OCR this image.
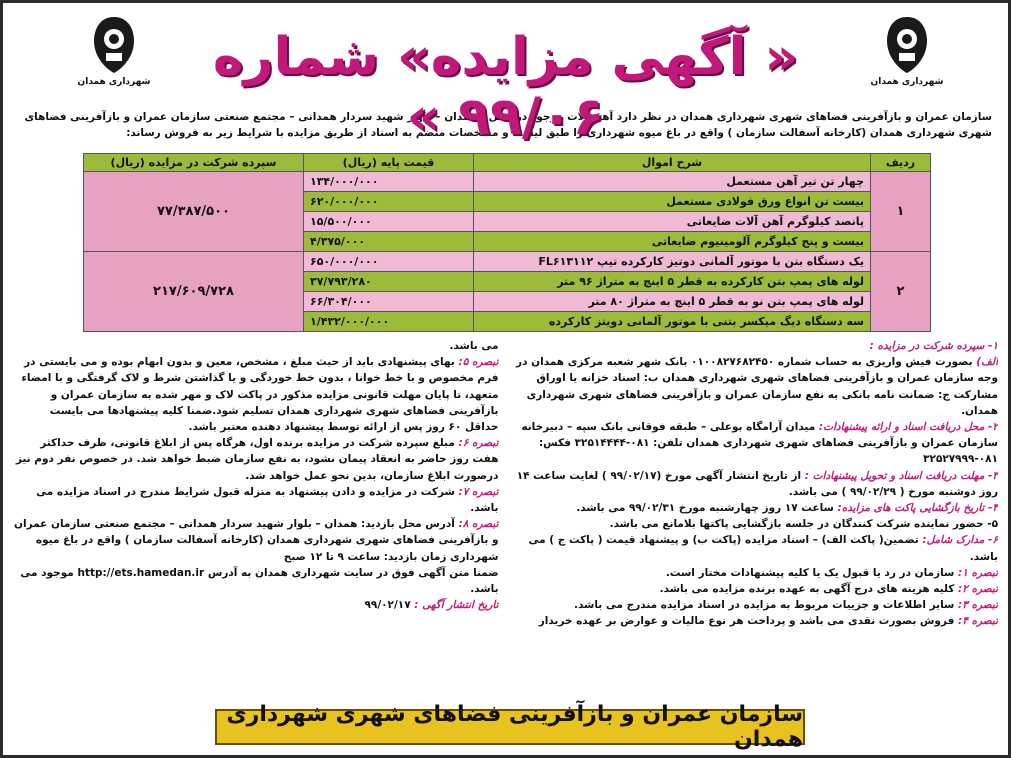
شهرداری همدان	« آگهی مزایده» شماره ۹۹/۰۶ »
شهرداری همدان
سازمان عمران و بازآفرینی فضاهای شهری شهرداری همدان در نظر دارد آهن آلات موجود در محل : همدان – بلوار شهید سردار همدانی – مجتمع صنعتی سازمان عمران و بازآفرینی فضاهای شهری شهرداری همدان (کارخانه آسفالت سازمان ) واقع در باغ میوه شهرداری را طبق لیست و مشخصات منضم به اسناد از طریق مزایده با شرایط زیر به فروش رساند:
ردیف	شرح اموال	قیمت پایه (ریال)	سپرده شرکت در مزایده (ریال)
۱	چهار تن تیر آهن مستعمل	۱۳۴/۰۰۰/۰۰۰	۷۷/۳۸۷/۵۰۰
	بیست تن انواع ورق فولادی مستعمل	۶۲۰/۰۰۰/۰۰۰	
	پانصد کیلوگرم آهن آلات ضایعاتی	۱۵/۵۰۰/۰۰۰	
	بیست و پنج کیلوگرم آلومینیوم ضایعاتی	۴/۳۷۵/۰۰۰	
۲	یک دستگاه بتن با موتور آلمانی دوتیز کارکرده تیپ FL۶۱۳۱۱۲	۶۵۰/۰۰۰/۰۰۰	۲۱۷/۶۰۹/۷۲۸
	لوله های پمپ بتن کارکرده به قطر ۵ اینچ به متراژ ۹۶ متر	۳۷/۷۹۳/۲۸۰	
	لوله های پمپ بتن نو به قطر ۵ اینچ به متراژ ۸۰ متر	۶۶/۳۰۴/۰۰۰	
	سه دستگاه دیگ میکسر بتنی با موتور آلمانی دویتز کارکرده	۱/۴۳۲/۰۰۰/۰۰۰	

۱- سپرده شرکت در مزایده :

الف) بصورت فیش واریزی به حساب شماره ۰۱۰۰۸۲۷۶۸۲۴۵۰ بانک شهر شعبه مرکزی همدان در وجه سازمان عمران و بازآفرینی فضاهای شهری شهرداری همدان ب: اسناد خزانه یا اوراق مشارکت ج: ضمانت نامه بانکی به نفع سازمان عمران و بازآفرینی فضاهای شهری شهرداری همدان.

۲- محل دریافت اسناد و ارائه پیشنهادات: میدان آرامگاه بوعلی – طبقه فوقانی بانک سپه – دبیرخانه سازمان عمران و بازآفرینی فضاهای شهری شهرداری همدان تلفن: ۰۸۱-۳۲۵۱۴۴۴۴ فکس: ۰۸۱-۳۲۵۲۷۹۹۹

۳- مهلت دریافت اسناد و تحویل پیشنهادات : از تاریخ انتشار آگهی مورخ (۹۹/۰۲/۱۷ ) لغایت ساعت ۱۴ روز دوشنبه مورخ ( ۹۹/۰۲/۲۹ ) می باشد.

۴- تاریخ بازگشایی پاکت های مزایده: ساعت ۱۷ روز چهارشنبه مورخ ۹۹/۰۲/۳۱ می باشد.

۵- حضور نماینده شرکت کنندگان در جلسه بازگشایی پاکتها بلامانع می باشد.

۶- مدارک شامل: تضمین( پاکت الف) – اسناد مزایده (پاکت ب) و پیشنهاد قیمت ( پاکت ج ) می باشد.

تبصره ۱: سازمان در رد یا قبول یک یا کلیه پیشنهادات مختار است.

تبصره ۲: کلیه هزینه های درج آگهی به عهده برنده مزایده می باشد.

تبصره ۳: سایر اطلاعات و جزییات مربوط به مزایده در اسناد مزایده مندرج می باشد.

تبصره ۴: فروش بصورت نقدی می باشد و پرداخت هر نوع مالیات و عوارض بر عهده خریدار

می باشد.

تبصره ۵: بهای پیشنهادی باید از حیث مبلغ ، مشخص، معین و بدون ابهام بوده و می بایستی در فرم مخصوص و با خط خوانا ، بدون خط خوردگی و یا گذاشتن شرط و لاک گرفتگی و با امضاء متعهد، تا پایان مهلت قانونی مزایده مذکور در پاکت لاک و مهر شده به سازمان عمران و بازآفرینی فضاهای شهری شهرداری همدان تسلیم شود.ضمنا کلیه پیشنهادها می بایست حداقل ۶۰ روز پس از ارائه توسط پیشنهاد دهنده معتبر باشد.

تبصره ۶: مبلغ سپرده شرکت در مزایده برنده اول، هرگاه پس از ابلاغ قانونی، ظرف حداکثر هفت روز حاضر به انعقاد پیمان نشود، به نفع سازمان ضبط خواهد شد. در خصوص نفر دوم نیز درصورت ابلاغ سازمان، بدین نحو عمل خواهد شد.

تبصره ۷: شرکت در مزایده و دادن پیشنهاد به منزله قبول شرایط مندرج در اسناد مزایده می باشد.

تبصره ۸: آدرس محل بازدید: همدان – بلوار شهید سردار همدانی – مجتمع صنعتی سازمان عمران و بازآفرینی فضاهای شهری شهرداری همدان (کارخانه آسفالت سازمان ) واقع در باغ میوه شهرداری زمان بازدید: ساعت ۹ تا ۱۲ صبح

ضمنا متن آگهی فوق در سایت شهرداری همدان به آدرس http://ets.hamedan.ir موجود می باشد.

تاریخ انتشار آگهی : ۹۹/۰۲/۱۷

سازمان عمران و بازآفرینی فضاهای شهری شهرداری همدان
